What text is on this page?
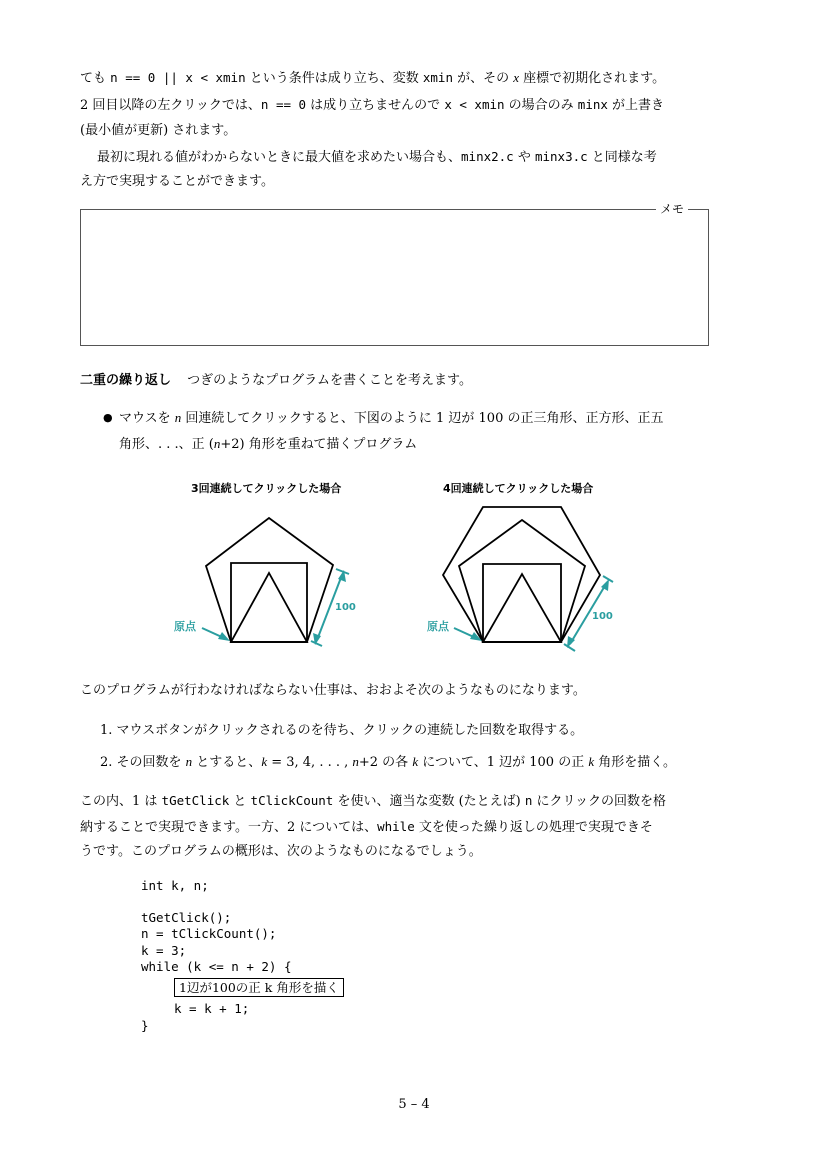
ても n == 0 || x < xmin という条件は成り立ち、変数 xmin が、その x 座標で初期化されます。

2 回目以降の左クリックでは、n == 0 は成り立ちませんので x < xmin の場合のみ minx が上書き

(最小値が更新) されます。

最初に現れる値がわからないときに最大値を求めたい場合も、minx2.c や minx3.c と同様な考

え方で実現することができます。

メモ

二重の繰り返し つぎのようなプログラムを書くことを考えます。

● マウスを n 回連続してクリックすると、下図のように 1 辺が 100 の正三角形、正方形、正五

角形、. . .、正 (n+2) 角形を重ねて描くプログラム

3回連続してクリックした場合	4回連続してクリックした場合
原点	原点
100
100

このプログラムが行わなければならない仕事は、おおよそ次のようなものになります。

1. マウスボタンがクリックされるのを待ち、クリックの連続した回数を取得する。

2. その回数を n とすると、k = 3, 4, . . . , n+2 の各 k について、1 辺が 100 の正 k 角形を描く。

この内、1 は tGetClick と tClickCount を使い、適当な変数 (たとえば) n にクリックの回数を格

納することで実現できます。一方、2 については、while 文を使った繰り返しの処理で実現できそ

うです。このプログラムの概形は、次のようなものになるでしょう。

int k, n;
tGetClick();
n = tClickCount();
k = 3;
while (k <= n + 2) {
1辺が100の正 k 角形を描く
k = k + 1;
}
5 – 4
